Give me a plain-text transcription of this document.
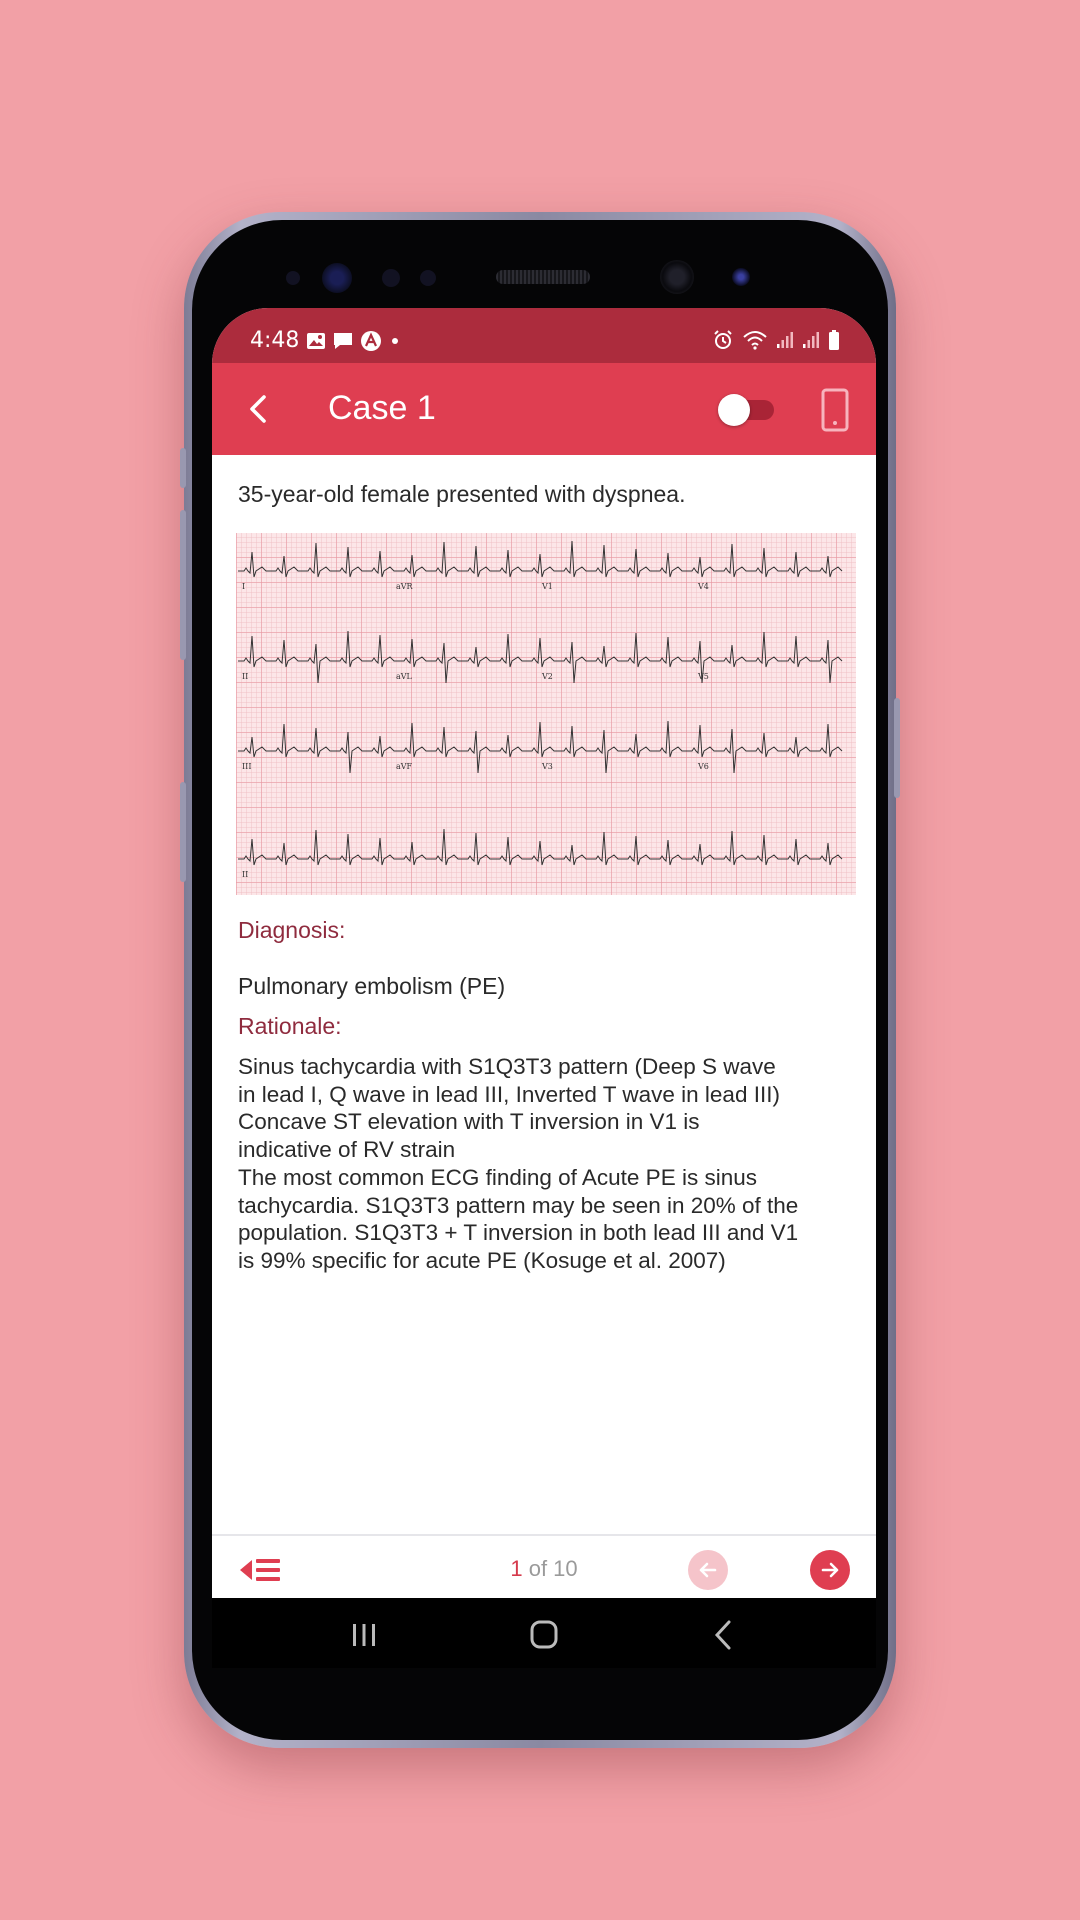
4:48
Case 1

35-year-old female presented with dyspnea.

I	aVR	V1	V4
II	aVL	V2	V5
III	aVF	V3	V6
II

Diagnosis:

Pulmonary embolism (PE)

Rationale:

Sinus tachycardia with S1Q3T3 pattern (Deep S wave
in lead I, Q wave in lead III, Inverted T wave in lead III)
Concave ST elevation with T inversion in V1 is
indicative of RV strain
The most common ECG finding of Acute PE is sinus
tachycardia. S1Q3T3 pattern may be seen in 20% of the
population. S1Q3T3 + T inversion in both lead III and V1
is 99% specific for acute PE (Kosuge et al. 2007)
1 of 10
